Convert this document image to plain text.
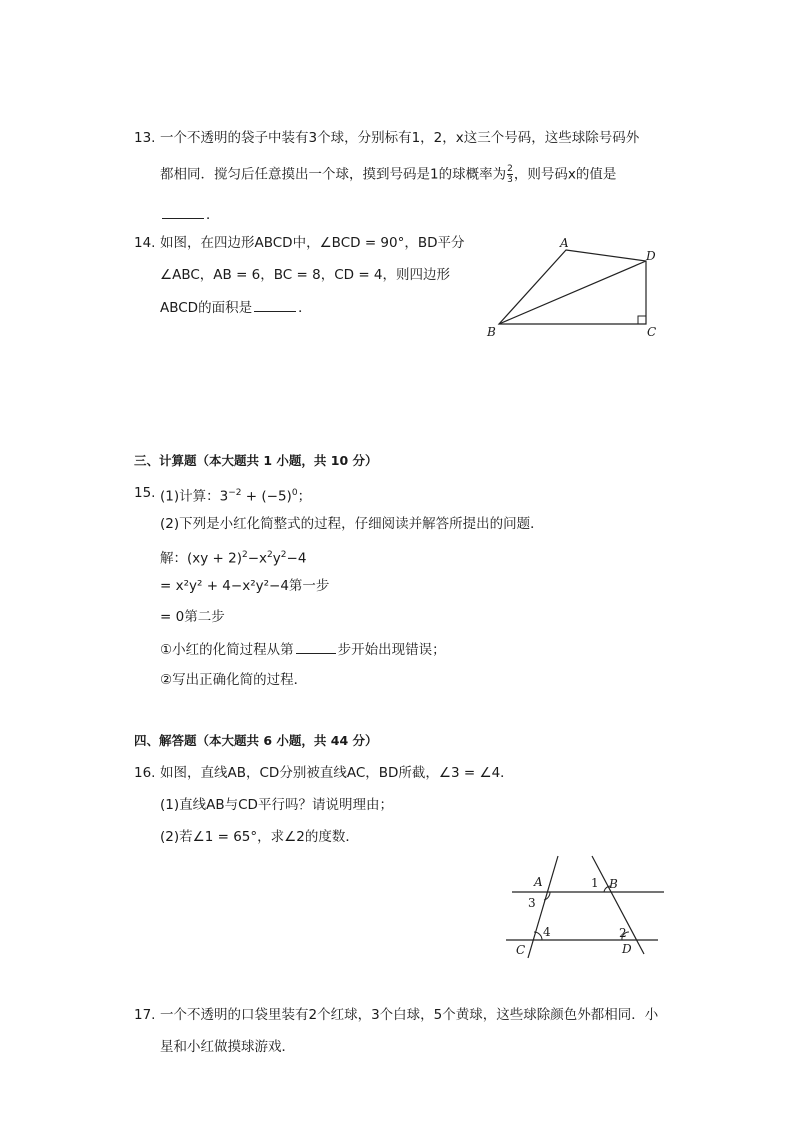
13. 一个不透明的袋子中装有3个球，分别标有1，2，x这三个号码，这些球除号码外
都相同．搅匀后任意摸出一个球，摸到号码是1的球概率为 $\frac{2}{3}$ ，则号码x的值是
．
14. 如图，在四边形ABCD中，∠BCD = 90°，BD平分
∠ABC，AB = 6，BC = 8，CD = 4，则四边形
ABCD的面积是	．
A
D
B	C
三、计算题（本大题共 1 小题，共 10 分）
15. (1)计算：$3^{-2} + (-5)^0$；
(2)下列是小红化简整式的过程，仔细阅读并解答所提出的问题．
解：$(xy + 2)^2-x^2y^2-4$
= x²y² + 4−x²y²−4第一步
= 0第二步
①小红的化简过程从第	步开始出现错误；
②写出正确化简的过程．
四、解答题（本大题共 6 小题，共 44 分）
16. 如图，直线AB，CD分别被直线AC，BD所截，∠3 = ∠4．
(1)直线AB与CD平行吗？请说明理由；
(2)若∠1 = 65°，求∠2的度数．
A	B
C	D
1
2
3
4
17. 一个不透明的口袋里装有2个红球，3个白球，5个黄球，这些球除颜色外都相同．小
星和小红做摸球游戏．
